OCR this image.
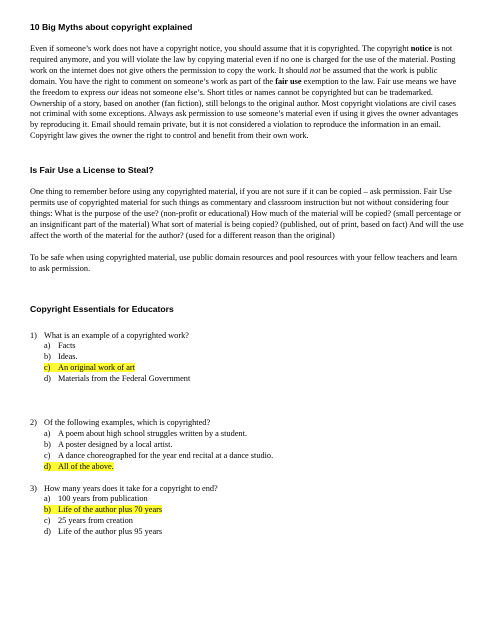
10 Big Myths about copyright explained

Even if someone’s work does not have a copyright notice, you should assume that it is copyrighted. The copyright notice is not required anymore, and you will violate the law by copying material even if no one is charged for the use of the material. Posting work on the internet does not give others the permission to copy the work. It should not be assumed that the work is public domain. You have the right to comment on someone’s work as part of the fair use exemption to the law. Fair use means we have the freedom to express our ideas not someone else’s. Short titles or names cannot be copyrighted but can be trademarked. Ownership of a story, based on another (fan fiction), still belongs to the original author. Most copyright violations are civil cases not criminal with some exceptions. Always ask permission to use someone’s material even if using it gives the owner advantages by reproducing it. Email should remain private, but it is not considered a violation to reproduce the information in an email. Copyright law gives the owner the right to control and benefit from their own work.

Is Fair Use a License to Steal?

One thing to remember before using any copyrighted material, if you are not sure if it can be copied – ask permission. Fair Use permits use of copyrighted material for such things as commentary and classroom instruction but not without considering four things: What is the purpose of the use? (non-profit or educational) How much of the material will be copied? (small percentage or an insignificant part of the material) What sort of material is being copied? (published, out of print, based on fact) And will the use affect the worth of the material for the author? (used for a different reason than the original)

To be safe when using copyrighted material, use public domain resources and pool resources with your fellow teachers and learn to ask permission.

Copyright Essentials for Educators
1) What is an example of a copyrighted work?
a) Facts
b) Ideas.
c) An original work of art
d) Materials from the Federal Government
2) Of the following examples, which is copyrighted?
a) A poem about high school struggles written by a student.
b) A poster designed by a local artist.
c) A dance choreographed for the year end recital at a dance studio.
d) All of the above.
3) How many years does it take for a copyright to end?
a) 100 years from publication
b) Life of the author plus 70 years
c) 25 years from creation
d) Life of the author plus 95 years
